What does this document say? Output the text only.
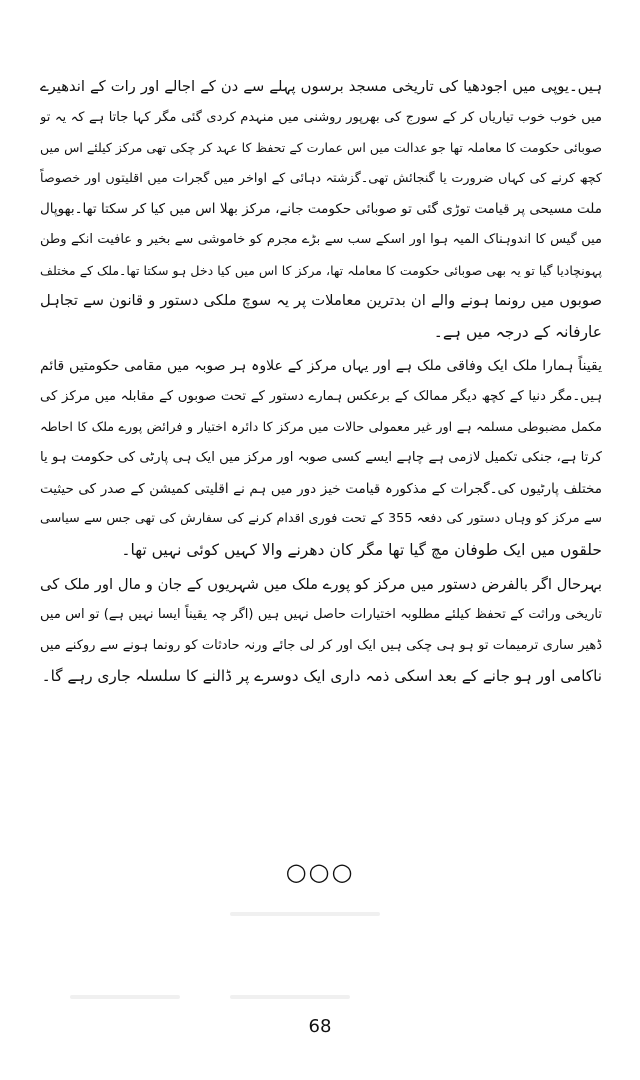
ہیں۔یوپی میں اجودھیا کی تاریخی مسجد برسوں پہلے سے دن کے اجالے اور رات کے اندھیرے
میں خوب خوب تیاریاں کر کے سورج کی بھرپور روشنی میں منہدم کردی گئی مگر کہا جاتا ہے کہ یہ تو
صوبائی حکومت کا معاملہ تھا جو عدالت میں اس عمارت کے تحفظ کا عہد کر چکی تھی مرکز کیلئے اس میں
کچھ کرنے کی کہاں ضرورت یا گنجائش تھی۔گزشتہ دہائی کے اواخر میں گجرات میں اقلیتوں اور خصوصاً
ملت مسیحی پر قیامت توڑی گئی تو صوبائی حکومت جانے، مرکز بھلا اس میں کیا کر سکتا تھا۔بھوپال
میں گیس کا اندوہناک المیہ ہوا اور اسکے سب سے بڑے مجرم کو خاموشی سے بخیر و عافیت انکے وطن
پہونچادیا گیا تو یہ بھی صوبائی حکومت کا معاملہ تھا، مرکز کا اس میں کیا دخل ہو سکتا تھا۔ملک کے مختلف
صوبوں میں رونما ہونے والے ان بدترین معاملات پر یہ سوچ ملکی دستور و قانون سے تجاہل
عارفانہ کے درجہ میں ہے۔
یقیناً ہمارا ملک ایک وفاقی ملک ہے اور یہاں مرکز کے علاوہ ہر صوبہ میں مقامی حکومتیں قائم
ہیں۔مگر دنیا کے کچھ دیگر ممالک کے برعکس ہمارے دستور کے تحت صوبوں کے مقابلہ میں مرکز کی
مکمل مضبوطی مسلمہ ہے اور غیر معمولی حالات میں مرکز کا دائرہ اختیار و فرائض پورے ملک کا احاطہ
کرتا ہے، جنکی تکمیل لازمی ہے چاہے ایسے کسی صوبہ اور مرکز میں ایک ہی پارٹی کی حکومت ہو یا
مختلف پارٹیوں کی۔گجرات کے مذکورہ قیامت خیز دور میں ہم نے اقلیتی کمیشن کے صدر کی حیثیت
سے مرکز کو وہاں دستور کی دفعہ 355 کے تحت فوری اقدام کرنے کی سفارش کی تھی جس سے سیاسی
حلقوں میں ایک طوفان مچ گیا تھا مگر کان دھرنے والا کہیں کوئی نہیں تھا۔
بہرحال اگر بالفرض دستور میں مرکز کو پورے ملک میں شہریوں کے جان و مال اور ملک کی
تاریخی وراثت کے تحفظ کیلئے مطلوبہ اختیارات حاصل نہیں ہیں (اگر چہ یقیناً ایسا نہیں ہے) تو اس میں
ڈھیر ساری ترمیمات تو ہو ہی چکی ہیں ایک اور کر لی جائے ورنہ حادثات کو رونما ہونے سے روکنے میں
ناکامی اور ہو جانے کے بعد اسکی ذمہ داری ایک دوسرے پر ڈالنے کا سلسلہ جاری رہے گا۔
○○○
68
